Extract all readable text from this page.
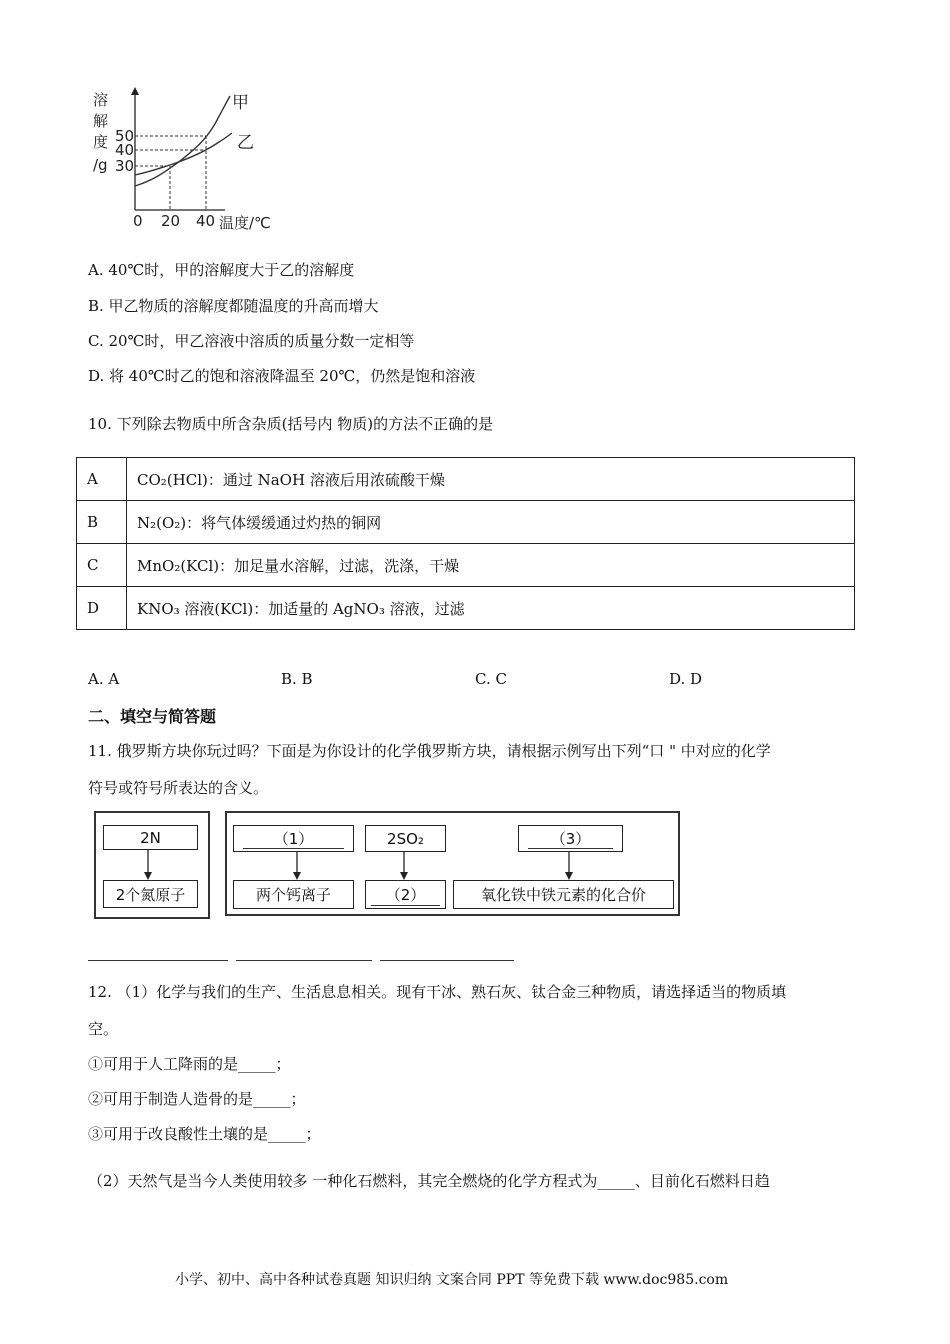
溶
解
度
/g
50
40
30
0 20 40 温度/℃
甲
乙
A. 40℃时，甲的溶解度大于乙的溶解度
B. 甲乙物质的溶解度都随温度的升高而增大
C. 20℃时，甲乙溶液中溶质的质量分数一定相等
D. 将 40℃时乙的饱和溶液降温至 20℃，仍然是饱和溶液
10. 下列除去物质中所含杂质(括号内 物质)的方法不正确的是
A	CO₂(HCl)：通过 NaOH 溶液后用浓硫酸干燥
B	N₂(O₂)：将气体缓缓通过灼热的铜网
C	MnO₂(KCl)：加足量水溶解，过滤，洗涤，干燥
D	KNO₃ 溶液(KCl)：加适量的 AgNO₃ 溶液，过滤
A. A	B. B	C. C	D. D
二、填空与简答题
11. 俄罗斯方块你玩过吗？下面是为你设计的化学俄罗斯方块，请根据示例写出下列“口 " 中对应的化学
符号或符号所表达的含义。
2N
2个氮原子
（1）
两个钙离子
2SO₂
（2）
（3）
氧化铁中铁元素的化合价
12. （1）化学与我们的生产、生活息息相关。现有干冰、熟石灰、钛合金三种物质，请选择适当的物质填
空。
①可用于人工降雨的是_____；
②可用于制造人造骨的是_____；
③可用于改良酸性土壤的是_____；
（2）天然气是当今人类使用较多 一种化石燃料，其完全燃烧的化学方程式为_____、目前化石燃料日趋
小学、初中、高中各种试卷真题 知识归纳 文案合同 PPT 等免费下载 www.doc985.com
